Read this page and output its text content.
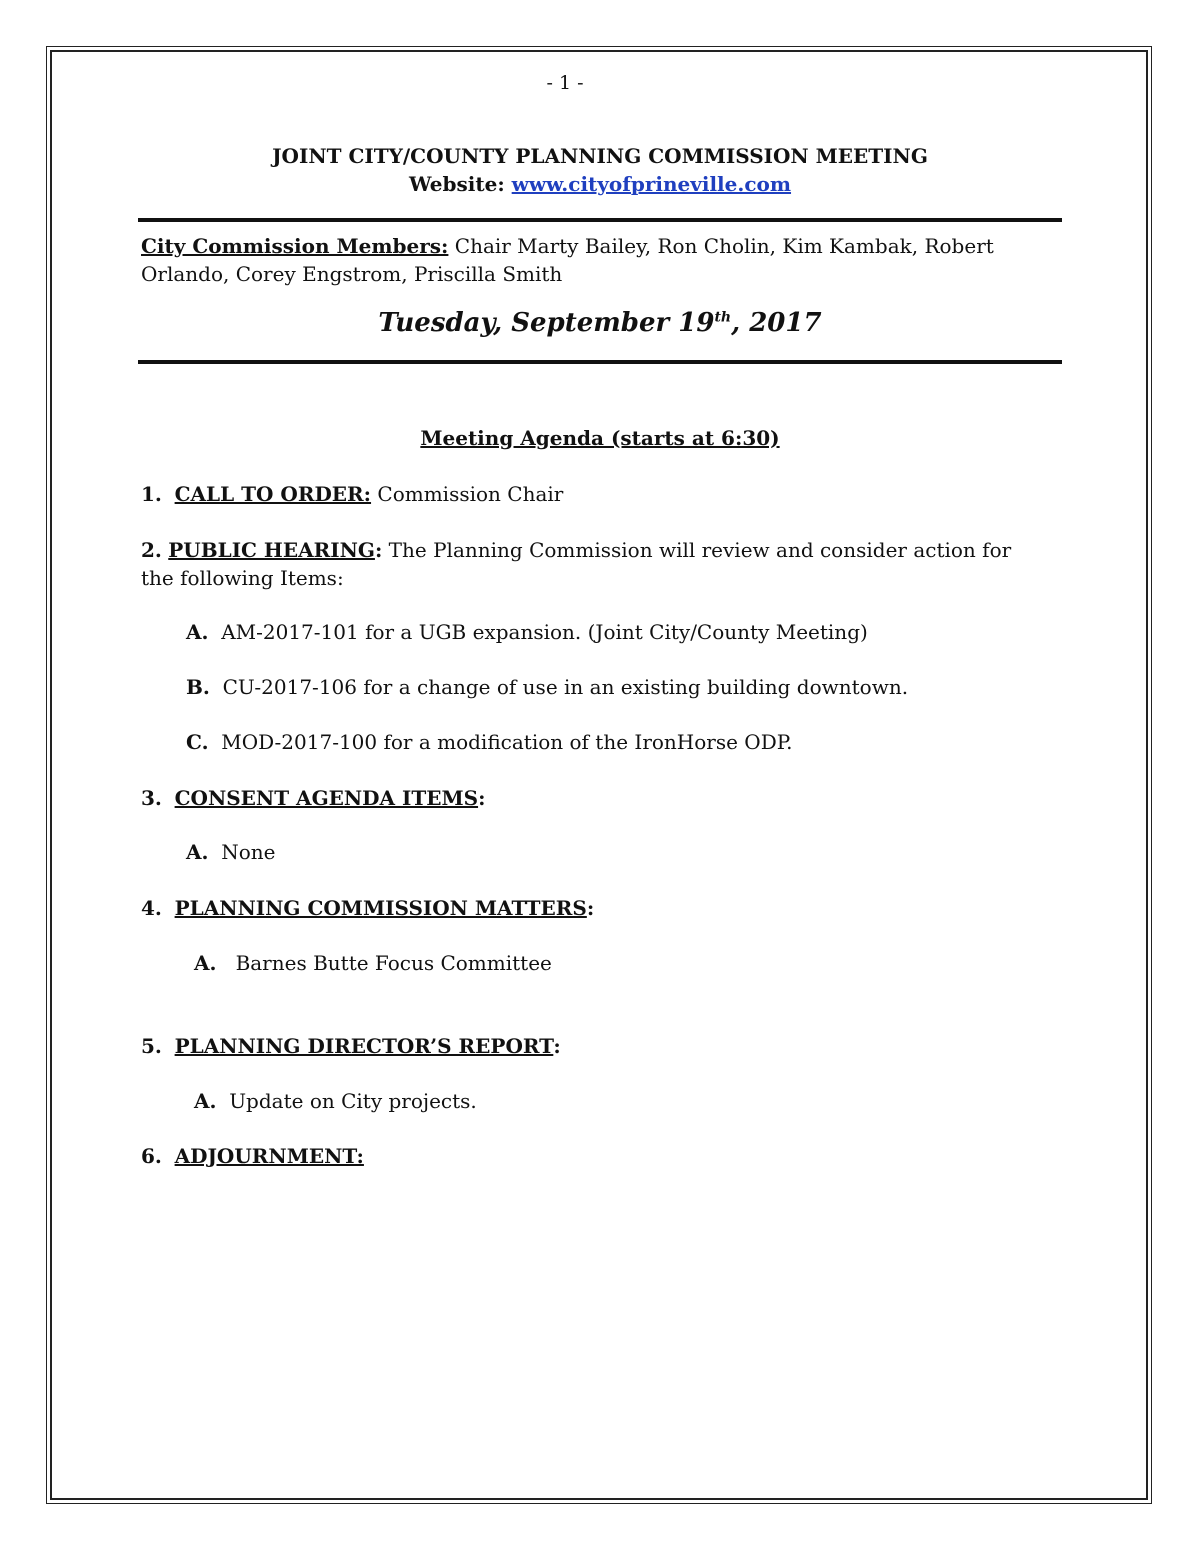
- 1 -
JOINT CITY/COUNTY PLANNING COMMISSION MEETING
Website: www.cityofprineville.com
City Commission Members: Chair Marty Bailey, Ron Cholin, Kim Kambak, Robert Orlando, Corey Engstrom, Priscilla Smith
Tuesday, September 19th, 2017
Meeting Agenda (starts at 6:30)
1. CALL TO ORDER: Commission Chair
2. PUBLIC HEARING: The Planning Commission will review and consider action for the following Items:
A. AM-2017-101 for a UGB expansion. (Joint City/County Meeting)
B. CU-2017-106 for a change of use in an existing building downtown.
C. MOD-2017-100 for a modification of the IronHorse ODP.
3. CONSENT AGENDA ITEMS:
A. None
4. PLANNING COMMISSION MATTERS:
A. Barnes Butte Focus Committee
5. PLANNING DIRECTOR’S REPORT:
A. Update on City projects.
6. ADJOURNMENT:
